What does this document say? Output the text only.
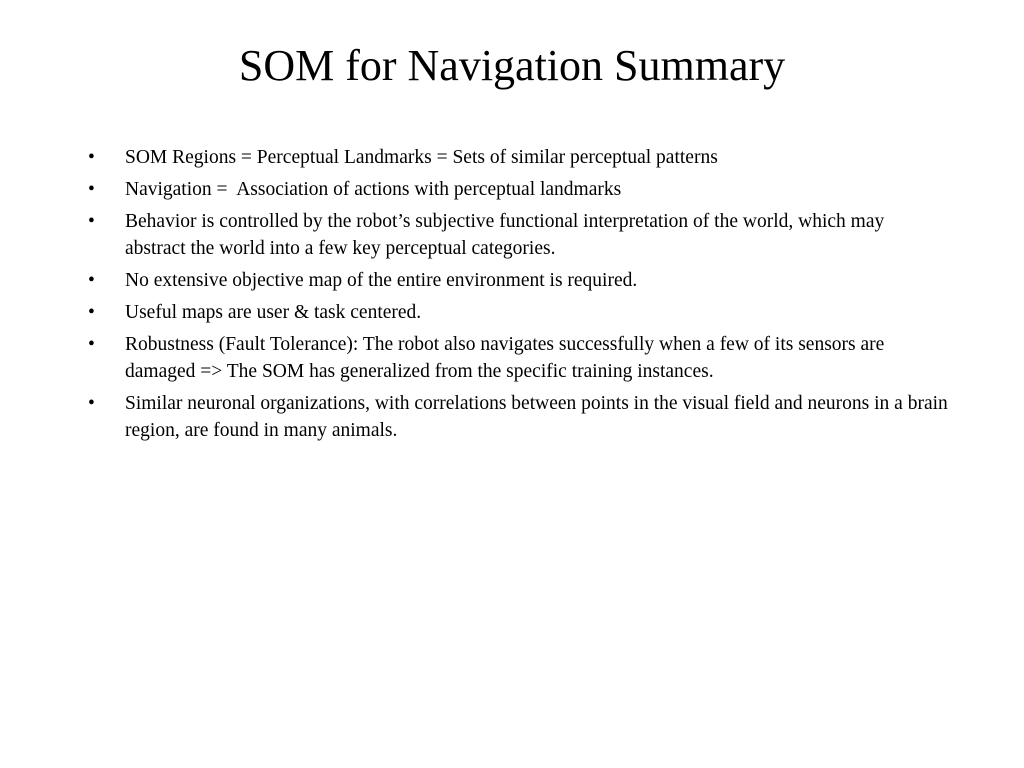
SOM for Navigation Summary
•	SOM Regions = Perceptual Landmarks = Sets of similar perceptual patterns
•	Navigation =  Association of actions with perceptual landmarks
•	Behavior is controlled by the robot’s subjective functional interpretation of the world, which may abstract the world into a few key perceptual categories.
•	No extensive objective map of the entire environment is required.
•	Useful maps are user & task centered.
•	Robustness (Fault Tolerance): The robot also navigates successfully when a few of its sensors are damaged => The SOM has generalized from the specific training instances.
•	Similar neuronal organizations, with correlations between points in the visual field and neurons in a brain region, are found in many animals.
